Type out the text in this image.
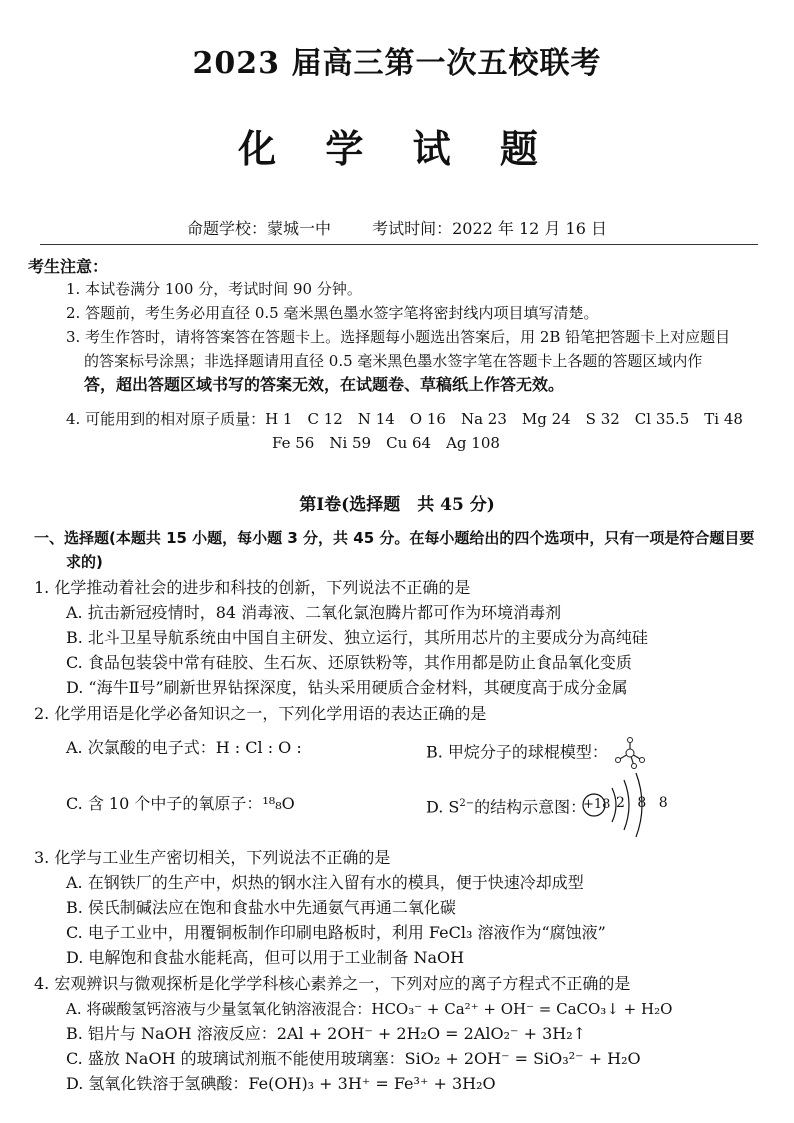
2023 届高三第一次五校联考
化 学 试 题
命题学校：蒙城一中	考试时间：2022 年 12 月 16 日
考生注意：
1. 本试卷满分 100 分，考试时间 90 分钟。
2. 答题前，考生务必用直径 0.5 毫米黑色墨水签字笔将密封线内项目填写清楚。
3. 考生作答时，请将答案答在答题卡上。选择题每小题选出答案后，用 2B 铅笔把答题卡上对应题目
的答案标号涂黑；非选择题请用直径 0.5 毫米黑色墨水签字笔在答题卡上各题的答题区域内作
答，超出答题区域书写的答案无效，在试题卷、草稿纸上作答无效。
4. 可能用到的相对原子质量：H 1　C 12　N 14　O 16　Na 23　Mg 24　S 32　Cl 35.5　Ti 48
Fe 56　Ni 59　Cu 64　Ag 108
第Ⅰ卷(选择题　共 45 分)
一、选择题(本题共 15 小题，每小题 3 分，共 45 分。在每小题给出的四个选项中，只有一项是符合题目要
求的)
1. 化学推动着社会的进步和科技的创新，下列说法不正确的是
A. 抗击新冠疫情时，84 消毒液、二氧化氯泡腾片都可作为环境消毒剂
B. 北斗卫星导航系统由中国自主研发、独立运行，其所用芯片的主要成分为高纯硅
C. 食品包装袋中常有硅胶、生石灰、还原铁粉等，其作用都是防止食品氧化变质
D. “海牛Ⅱ号”刷新世界钻探深度，钻头采用硬质合金材料，其硬度高于成分金属
2. 化学用语是化学必备知识之一，下列化学用语的表达正确的是
A. 次氯酸的电子式：H : Cl : O :	B. 甲烷分子的球棍模型：
C. 含 10 个中子的氧原子：¹⁸₈O	D. $S^{2-}$的结构示意图：
+18 2 8 8
3. 化学与工业生产密切相关，下列说法不正确的是
A. 在钢铁厂的生产中，炽热的钢水注入留有水的模具，便于快速冷却成型
B. 侯氏制碱法应在饱和食盐水中先通氨气再通二氧化碳
C. 电子工业中，用覆铜板制作印刷电路板时，利用 FeCl₃ 溶液作为“腐蚀液”
D. 电解饱和食盐水能耗高，但可以用于工业制备 NaOH
4. 宏观辨识与微观探析是化学学科核心素养之一，下列对应的离子方程式不正确的是
A. 将碳酸氢钙溶液与少量氢氧化钠溶液混合：HCO₃⁻ + Ca²⁺ + OH⁻ = CaCO₃↓ + H₂O
B. 铝片与 NaOH 溶液反应：2Al + 2OH⁻ + 2H₂O = 2AlO₂⁻ + 3H₂↑
C. 盛放 NaOH 的玻璃试剂瓶不能使用玻璃塞：SiO₂ + 2OH⁻ = SiO₃²⁻ + H₂O
D. 氢氧化铁溶于氢碘酸：Fe(OH)₃ + 3H⁺ = Fe³⁺ + 3H₂O
